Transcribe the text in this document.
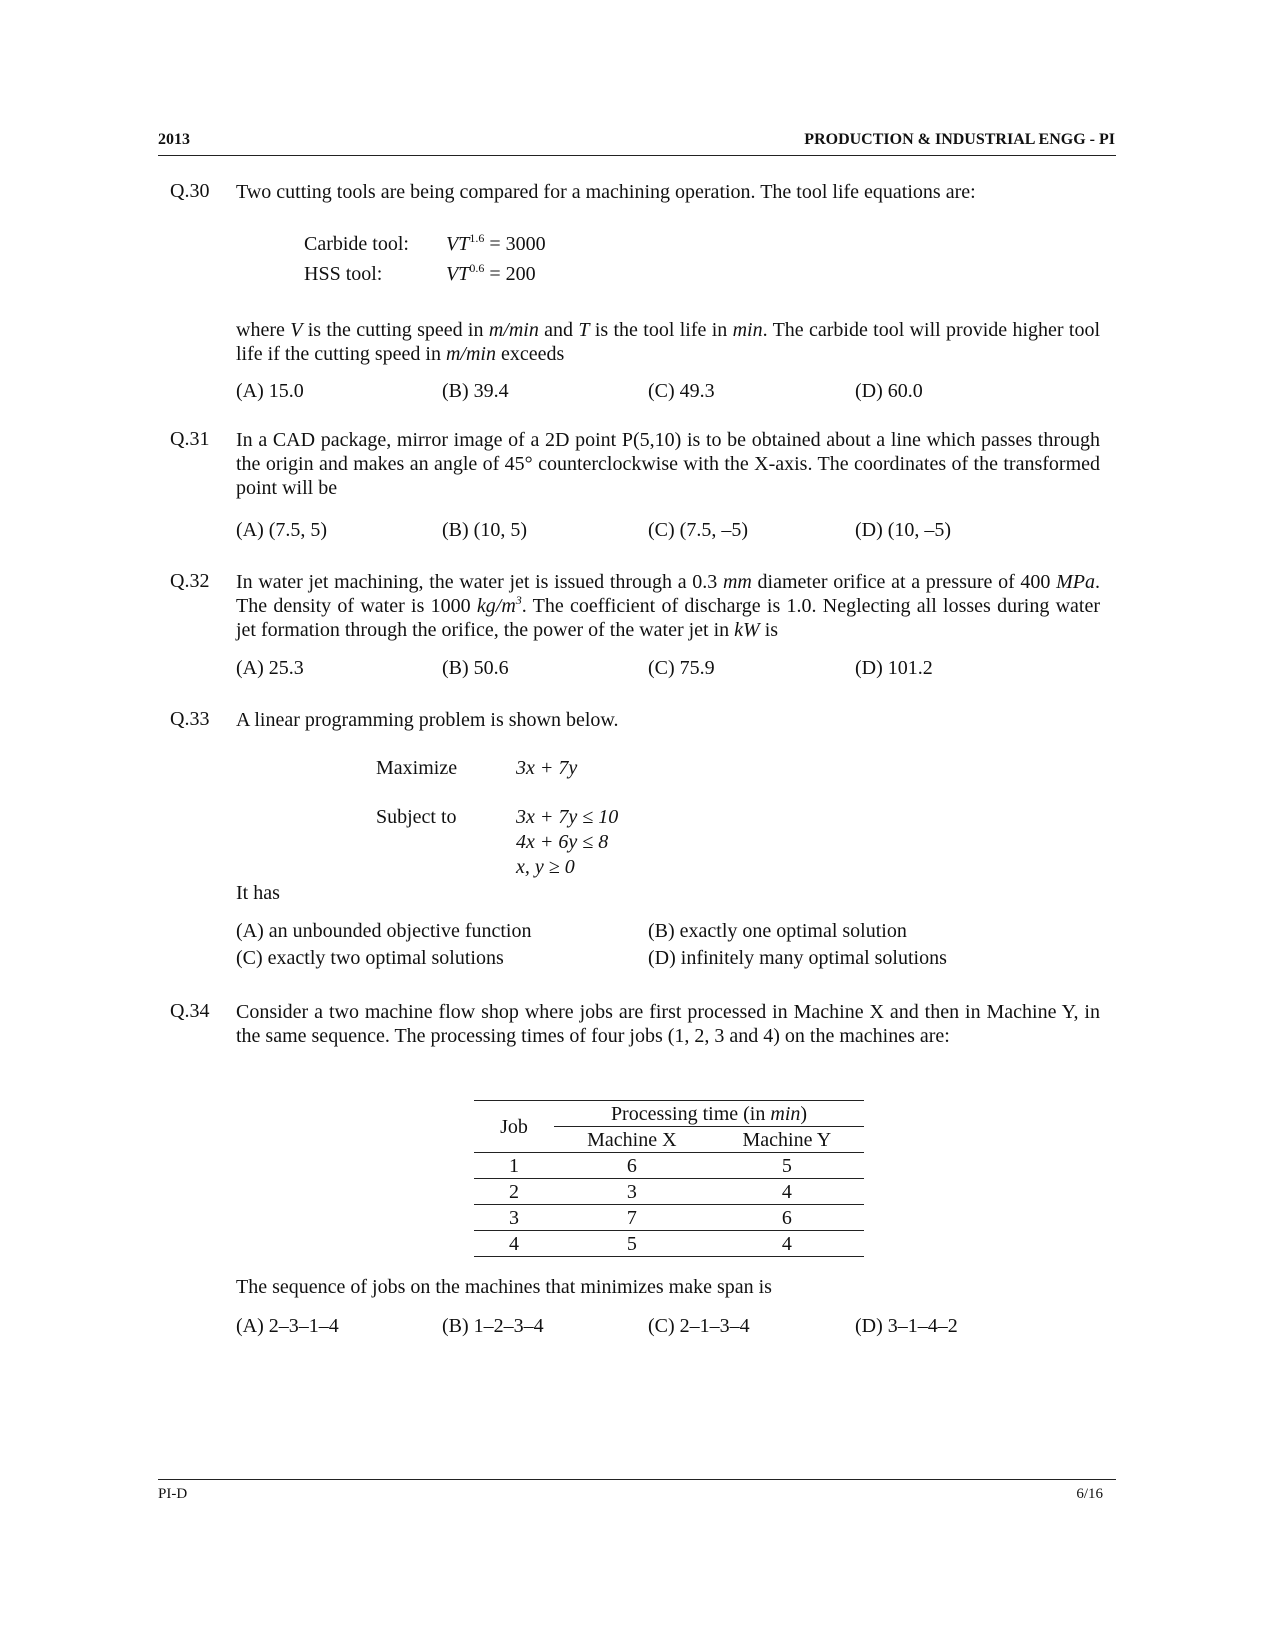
2013	PRODUCTION & INDUSTRIAL ENGG - PI
Q.30	Two cutting tools are being compared for a machining operation. The tool life equations are:
Carbide tool: $VT^{1.6} = 3000$
HSS tool:	$VT^{0.6} = 200$
where V is the cutting speed in m/min and T is the tool life in min. The carbide tool will provide higher tool life if the cutting speed in m/min exceeds
(A) 15.0	(B) 39.4	(C) 49.3	(D) 60.0
Q.31	In a CAD package, mirror image of a 2D point P(5,10) is to be obtained about a line which passes through the origin and makes an angle of 45° counterclockwise with the X-axis. The coordinates of the transformed point will be
(A) (7.5, 5)	(B) (10, 5)	(C) (7.5, –5)	(D) (10, –5)
Q.32	In water jet machining, the water jet is issued through a 0.3 mm diameter orifice at a pressure of 400 MPa. The density of water is 1000 $kg/m^3$. The coefficient of discharge is 1.0. Neglecting all losses during water jet formation through the orifice, the power of the water jet in kW is
(A) 25.3	(B) 50.6	(C) 75.9	(D) 101.2
Q.33	A linear programming problem is shown below.
Maximize	3x + 7y
Subject to	3x + 7y ≤ 10
4x + 6y ≤ 8
x, y ≥ 0
It has
(A) an unbounded objective function	(B) exactly one optimal solution
(C) exactly two optimal solutions	(D) infinitely many optimal solutions
Q.34	Consider a two machine flow shop where jobs are first processed in Machine X and then in Machine Y, in the same sequence. The processing times of four jobs (1, 2, 3 and 4) on the machines are:
Job	Processing time (in min)	
	Machine X	Machine Y
1	6	5
2	3	4
3	7	6
4	5	4
The sequence of jobs on the machines that minimizes make span is
(A) 2–3–1–4	(B) 1–2–3–4	(C) 2–1–3–4	(D) 3–1–4–2
PI-D	6/16
